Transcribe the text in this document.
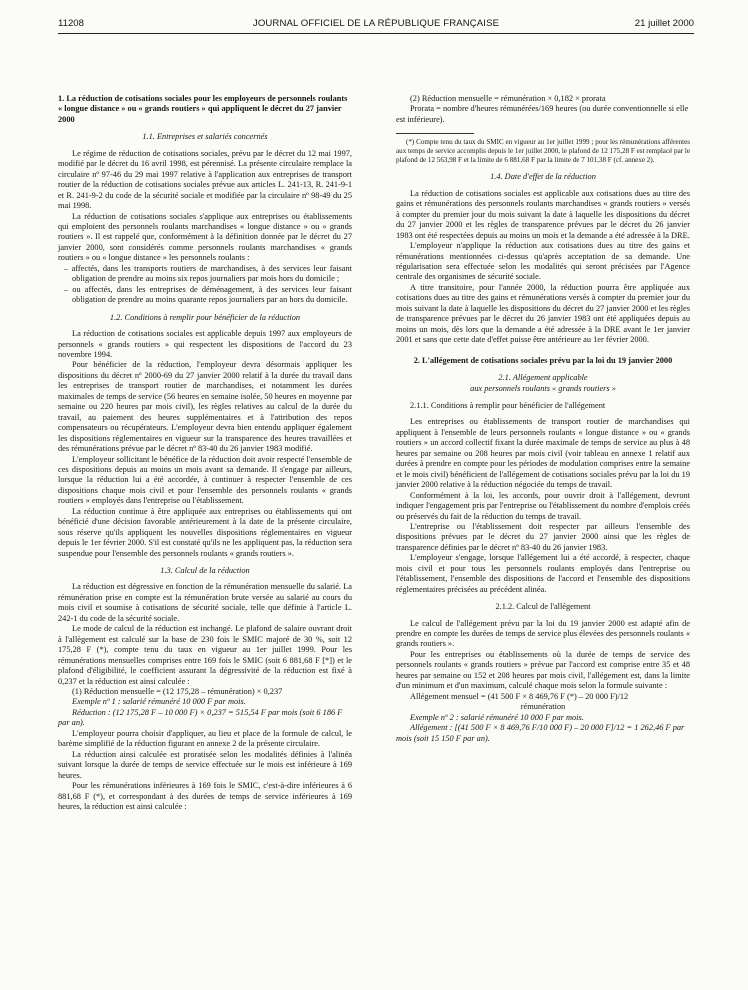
11208	JOURNAL OFFICIEL DE LA RÉPUBLIQUE FRANÇAISE	21 juillet 2000

1. La réduction de cotisations sociales pour les employeurs de personnels roulants « longue distance » ou « grands routiers » qui appliquent le décret du 27 janvier 2000

1.1. Entreprises et salariés concernés

Le régime de réduction de cotisations sociales, prévu par le décret du 12 mai 1997, modifié par le décret du 16 avril 1998, est pérennisé. La présente circulaire remplace la circulaire nº 97-46 du 29 mai 1997 relative à l'application aux entreprises de transport routier de la réduction de cotisations sociales prévue aux articles L. 241-13, R. 241-9-1 et R. 241-9-2 du code de la sécurité sociale et modifiée par la circulaire nº 98-49 du 25 mai 1998.

La réduction de cotisations sociales s'applique aux entreprises ou établissements qui emploient des personnels roulants marchandises « longue distance » ou « grands routiers ». Il est rappelé que, conformément à la définition donnée par le décret du 27 janvier 2000, sont considérés comme personnels roulants marchandises « grands routiers » ou « longue distance » les personnels roulants :

– affectés, dans les transports routiers de marchandises, à des services leur faisant obligation de prendre au moins six repos journaliers par mois hors du domicile ;

– ou affectés, dans les entreprises de déménagement, à des services leur faisant obligation de prendre au moins quarante repos journaliers par an hors du domicile.

1.2. Conditions à remplir pour bénéficier de la réduction

La réduction de cotisations sociales est applicable depuis 1997 aux employeurs de personnels « grands routiers » qui respectent les dispositions de l'accord du 23 novembre 1994.

Pour bénéficier de la réduction, l'employeur devra désormais appliquer les dispositions du décret nº 2000-69 du 27 janvier 2000 relatif à la durée du travail dans les entreprises de transport routier de marchandises, et notamment les durées maximales de temps de service (56 heures en semaine isolée, 50 heures en moyenne par semaine ou 220 heures par mois civil), les règles relatives au calcul de la durée du travail, au paiement des heures supplémentaires et à l'attribution des repos compensateurs ou récupérateurs. L'employeur devra bien entendu appliquer également les dispositions réglementaires en vigueur sur la transparence des heures travaillées et des rémunérations prévue par le décret nº 83-40 du 26 janvier 1983 modifié.

L'employeur sollicitant le bénéfice de la réduction doit avoir respecté l'ensemble de ces dispositions depuis au moins un mois avant sa demande. Il s'engage par ailleurs, lorsque la réduction lui a été accordée, à continuer à respecter l'ensemble de ces dispositions chaque mois civil et pour l'ensemble des personnels roulants « grands routiers » employés dans l'entreprise ou l'établissement.

La réduction continue à être appliquée aux entreprises ou établissements qui ont bénéficié d'une décision favorable antérieurement à la date de la présente circulaire, sous réserve qu'ils appliquent les nouvelles dispositions réglementaires en vigueur depuis le 1er février 2000. S'il est constaté qu'ils ne les appliquent pas, la réduction sera suspendue pour l'ensemble des personnels roulants « grands routiers ».

1.3. Calcul de la réduction

La réduction est dégressive en fonction de la rémunération mensuelle du salarié. La rémunération prise en compte est la rémunération brute versée au salarié au cours du mois civil et soumise à cotisations de sécurité sociale, telle que définie à l'article L. 242-1 du code de la sécurité sociale.

Le mode de calcul de la réduction est inchangé. Le plafond de salaire ouvrant droit à l'allègement est calculé sur la base de 230 fois le SMIC majoré de 30 %, soit 12 175,28 F (*), compte tenu du taux en vigueur au 1er juillet 1999. Pour les rémunérations mensuelles comprises entre 169 fois le SMIC (soit 6 881,68 F [*]) et le plafond d'éligibilité, le coefficient assurant la dégressivité de la réduction est fixé à 0,237 et la réduction est ainsi calculée :

(1) Réduction mensuelle = (12 175,28 – rémunération) × 0,237

Exemple nº 1 : salarié rémunéré 10 000 F par mois.

Réduction : (12 175,28 F – 10 000 F) × 0,237 = 515,54 F par mois (soit 6 186 F par an).

L'employeur pourra choisir d'appliquer, au lieu et place de la formule de calcul, le barème simplifié de la réduction figurant en annexe 2 de la présente circulaire.

La réduction ainsi calculée est proratisée selon les modalités définies à l'alinéa suivant lorsque la durée de temps de service effectuée sur le mois est inférieure à 169 heures.

Pour les rémunérations inférieures à 169 fois le SMIC, c'est-à-dire inférieures à 6 881,68 F (*), et correspondant à des durées de temps de service inférieures à 169 heures, la réduction est ainsi calculée :

(2) Réduction mensuelle = rémunération × 0,182 × prorata

Prorata = nombre d'heures rémunérées/169 heures (ou durée conventionnelle si elle est inférieure).

(*) Compte tenu du taux du SMIC en vigueur au 1er juillet 1999 ; pour les rémunérations afférentes aux temps de service accomplis depuis le 1er juillet 2000, le plafond de 12 175,28 F est remplacé par le plafond de 12 563,98 F et la limite de 6 881,68 F par la limite de 7 101,38 F (cf. annexe 2).

1.4. Date d'effet de la réduction

La réduction de cotisations sociales est applicable aux cotisations dues au titre des gains et rémunérations des personnels roulants marchandises « grands routiers » versés à compter du premier jour du mois suivant la date à laquelle les dispositions du décret du 27 janvier 2000 et les règles de transparence prévues par le décret du 26 janvier 1983 ont été respectées depuis au moins un mois et la demande a été adressée à la DRE.

L'employeur n'applique la réduction aux cotisations dues au titre des gains et rémunérations mentionnées ci-dessus qu'après acceptation de sa demande. Une régularisation sera effectuée selon les modalités qui seront précisées par l'Agence centrale des organismes de sécurité sociale.

A titre transitoire, pour l'année 2000, la réduction pourra être appliquée aux cotisations dues au titre des gains et rémunérations versés à compter du premier jour du mois suivant la date à laquelle les dispositions du décret du 27 janvier 2000 et les règles de transparence prévues par le décret du 26 janvier 1983 ont été appliquées depuis au moins un mois, dès lors que la demande a été adressée à la DRE avant le 1er janvier 2001 et sans que cette date d'effet puisse être antérieure au 1er février 2000.

2. L'allégement de cotisations sociales prévu par la loi du 19 janvier 2000

2.1. Allégement applicable

aux personnels roulants « grands routiers »

2.1.1. Conditions à remplir pour bénéficier de l'allégement

Les entreprises ou établissements de transport routier de marchandises qui appliquent à l'ensemble de leurs personnels roulants « longue distance » ou « grands routiers » un accord collectif fixant la durée maximale de temps de service au plus à 48 heures par semaine ou 208 heures par mois civil (voir tableau en annexe 1 relatif aux durées à prendre en compte pour les périodes de modulation comprises entre la semaine et le mois civil) bénéficient de l'allégement de cotisations sociales prévu par la loi du 19 janvier 2000 relative à la réduction négociée du temps de travail.

Conformément à la loi, les accords, pour ouvrir droit à l'allégement, devront indiquer l'engagement pris par l'entreprise ou l'établissement du nombre d'emplois créés ou préservés du fait de la réduction du temps de travail.

L'entreprise ou l'établissement doit respecter par ailleurs l'ensemble des dispositions prévues par le décret du 27 janvier 2000 ainsi que les règles de transparence définies par le décret nº 83-40 du 26 janvier 1983.

L'employeur s'engage, lorsque l'allégement lui a été accordé, à respecter, chaque mois civil et pour tous les personnels roulants employés dans l'entreprise ou l'établissement, l'ensemble des dispositions de l'accord et l'ensemble des dispositions réglementaires précisées au précédent alinéa.

2.1.2. Calcul de l'allégement

Le calcul de l'allégement prévu par la loi du 19 janvier 2000 est adapté afin de prendre en compte les durées de temps de service plus élevées des personnels roulants « grands routiers ».

Pour les entreprises ou établissements où la durée de temps de service des personnels roulants « grands routiers » prévue par l'accord est comprise entre 35 et 48 heures par semaine ou 152 et 208 heures par mois civil, l'allégement est, dans la limite d'un minimum et d'un maximum, calculé chaque mois selon la formule suivante :

Allégement mensuel = (41 500 F × 8 469,76 F (*) – 20 000 F)/12

rémunération

Exemple nº 2 : salarié rémunéré 10 000 F par mois.

Allégement : [(41 500 F × 8 469,76 F/10 000 F) – 20 000 F]/12 = 1 262,46 F par mois (soit 15 150 F par an).
